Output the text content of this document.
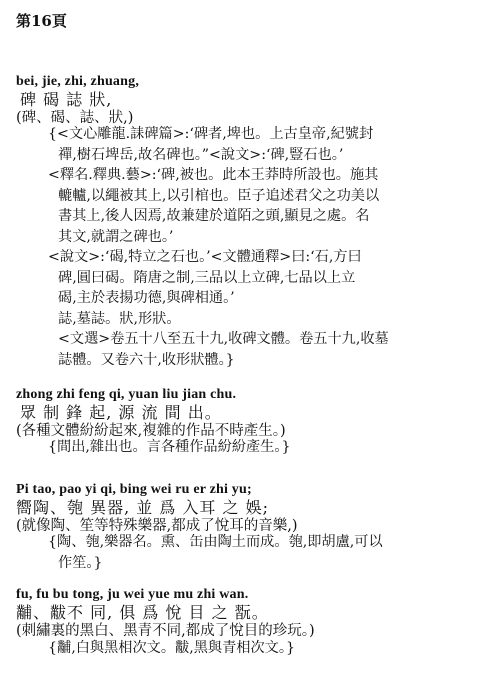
第16頁
bei, jie, zhi, zhuang,
碑 碣 誌 狀,
(碑、碣、誌、狀,)
{<文心雕龍.誄碑篇>:‘碑者,埤也。上古皇帝,紀號封
禪,樹石埤岳,故名碑也。”<說文>:‘碑,豎石也。’
<釋名.釋典.藝>:‘碑,被也。此本王莽時所設也。施其
轆轤,以繩被其上,以引棺也。臣子追述君父之功美以
書其上,後人因焉,故兼建於道陌之頭,顯見之處。名
其文,就謂之碑也。’
<說文>:‘碣,特立之石也。’<文體通釋>曰:‘石,方曰
碑,圓曰碣。隋唐之制,三品以上立碑,七品以上立
碣,主於表揚功德,與碑相通。’
誌,墓誌。狀,形狀。
<文選>卷五十八至五十九,收碑文體。卷五十九,收墓
誌體。又卷六十,收形狀體。}
zhong zhi feng qi, yuan liu jian chu.
眾 制 鋒 起, 源 流 間 出。
(各種文體紛紛起來,複雜的作品不時產生。)
{間出,雜出也。言各種作品紛紛產生。}
Pi tao, pao yi qi, bing wei ru er zhi yu;
嚮陶、匏 異器, 並 爲 入耳 之 娛;
(就像陶、笙等特殊樂器,都成了悅耳的音樂,)
{陶、匏,樂器名。熏、缶由陶土而成。匏,即胡盧,可以
作笙。}
fu, fu bu tong, ju wei yue mu zhi wan.
黼、黻不 同, 俱 爲 悅 目 之 翫。
(刺繡裏的黑白、黑青不同,都成了悅目的珍玩。)
{黼,白與黑相次文。黻,黑與青相次文。}
